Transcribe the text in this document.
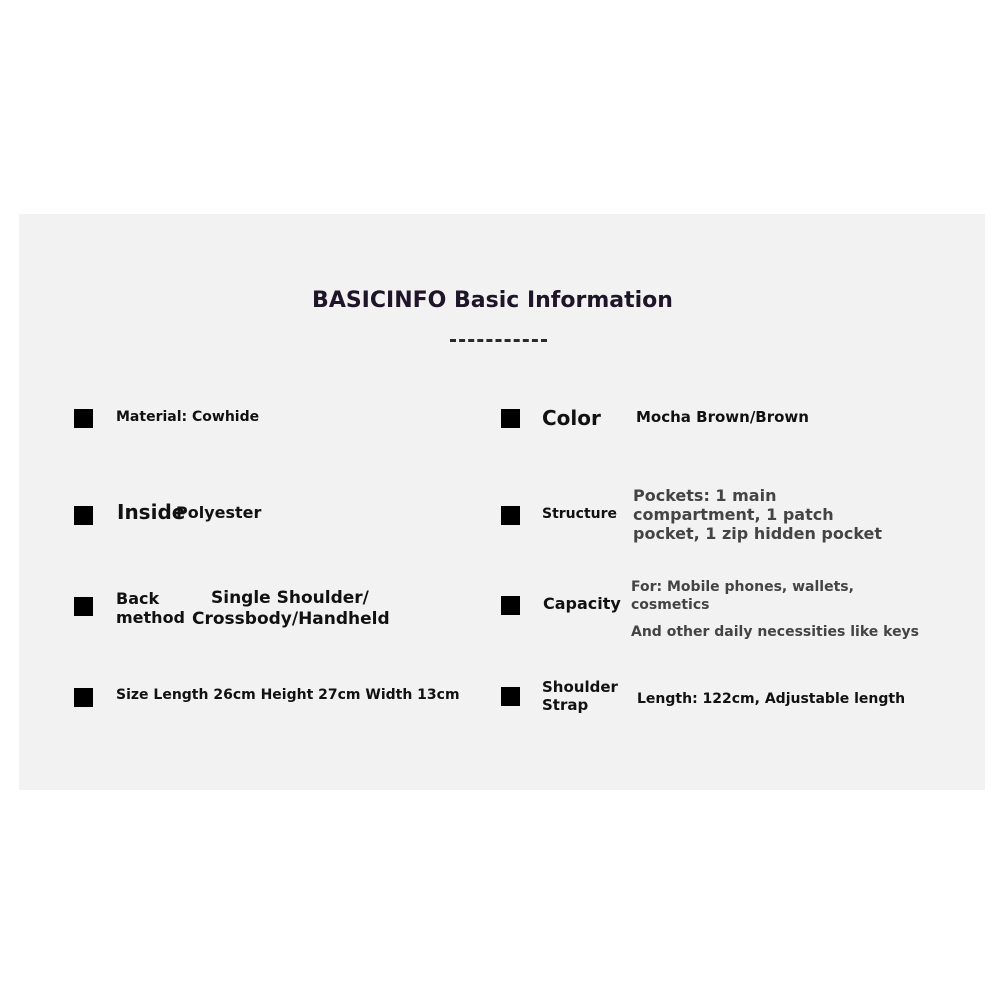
BASICINFO Basic Information
Material: Cowhide
Inside
Polyester
Back
method
Single Shoulder/
Crossbody/Handheld
Size Length 26cm Height 27cm Width 13cm
Color Mocha Brown/Brown
Structure
Pockets: 1 main
compartment, 1 patch
pocket, 1 zip hidden pocket
Capacity
For: Mobile phones, wallets,
cosmetics
And other daily necessities like keys
Shoulder
Strap	Length: 122cm, Adjustable length
